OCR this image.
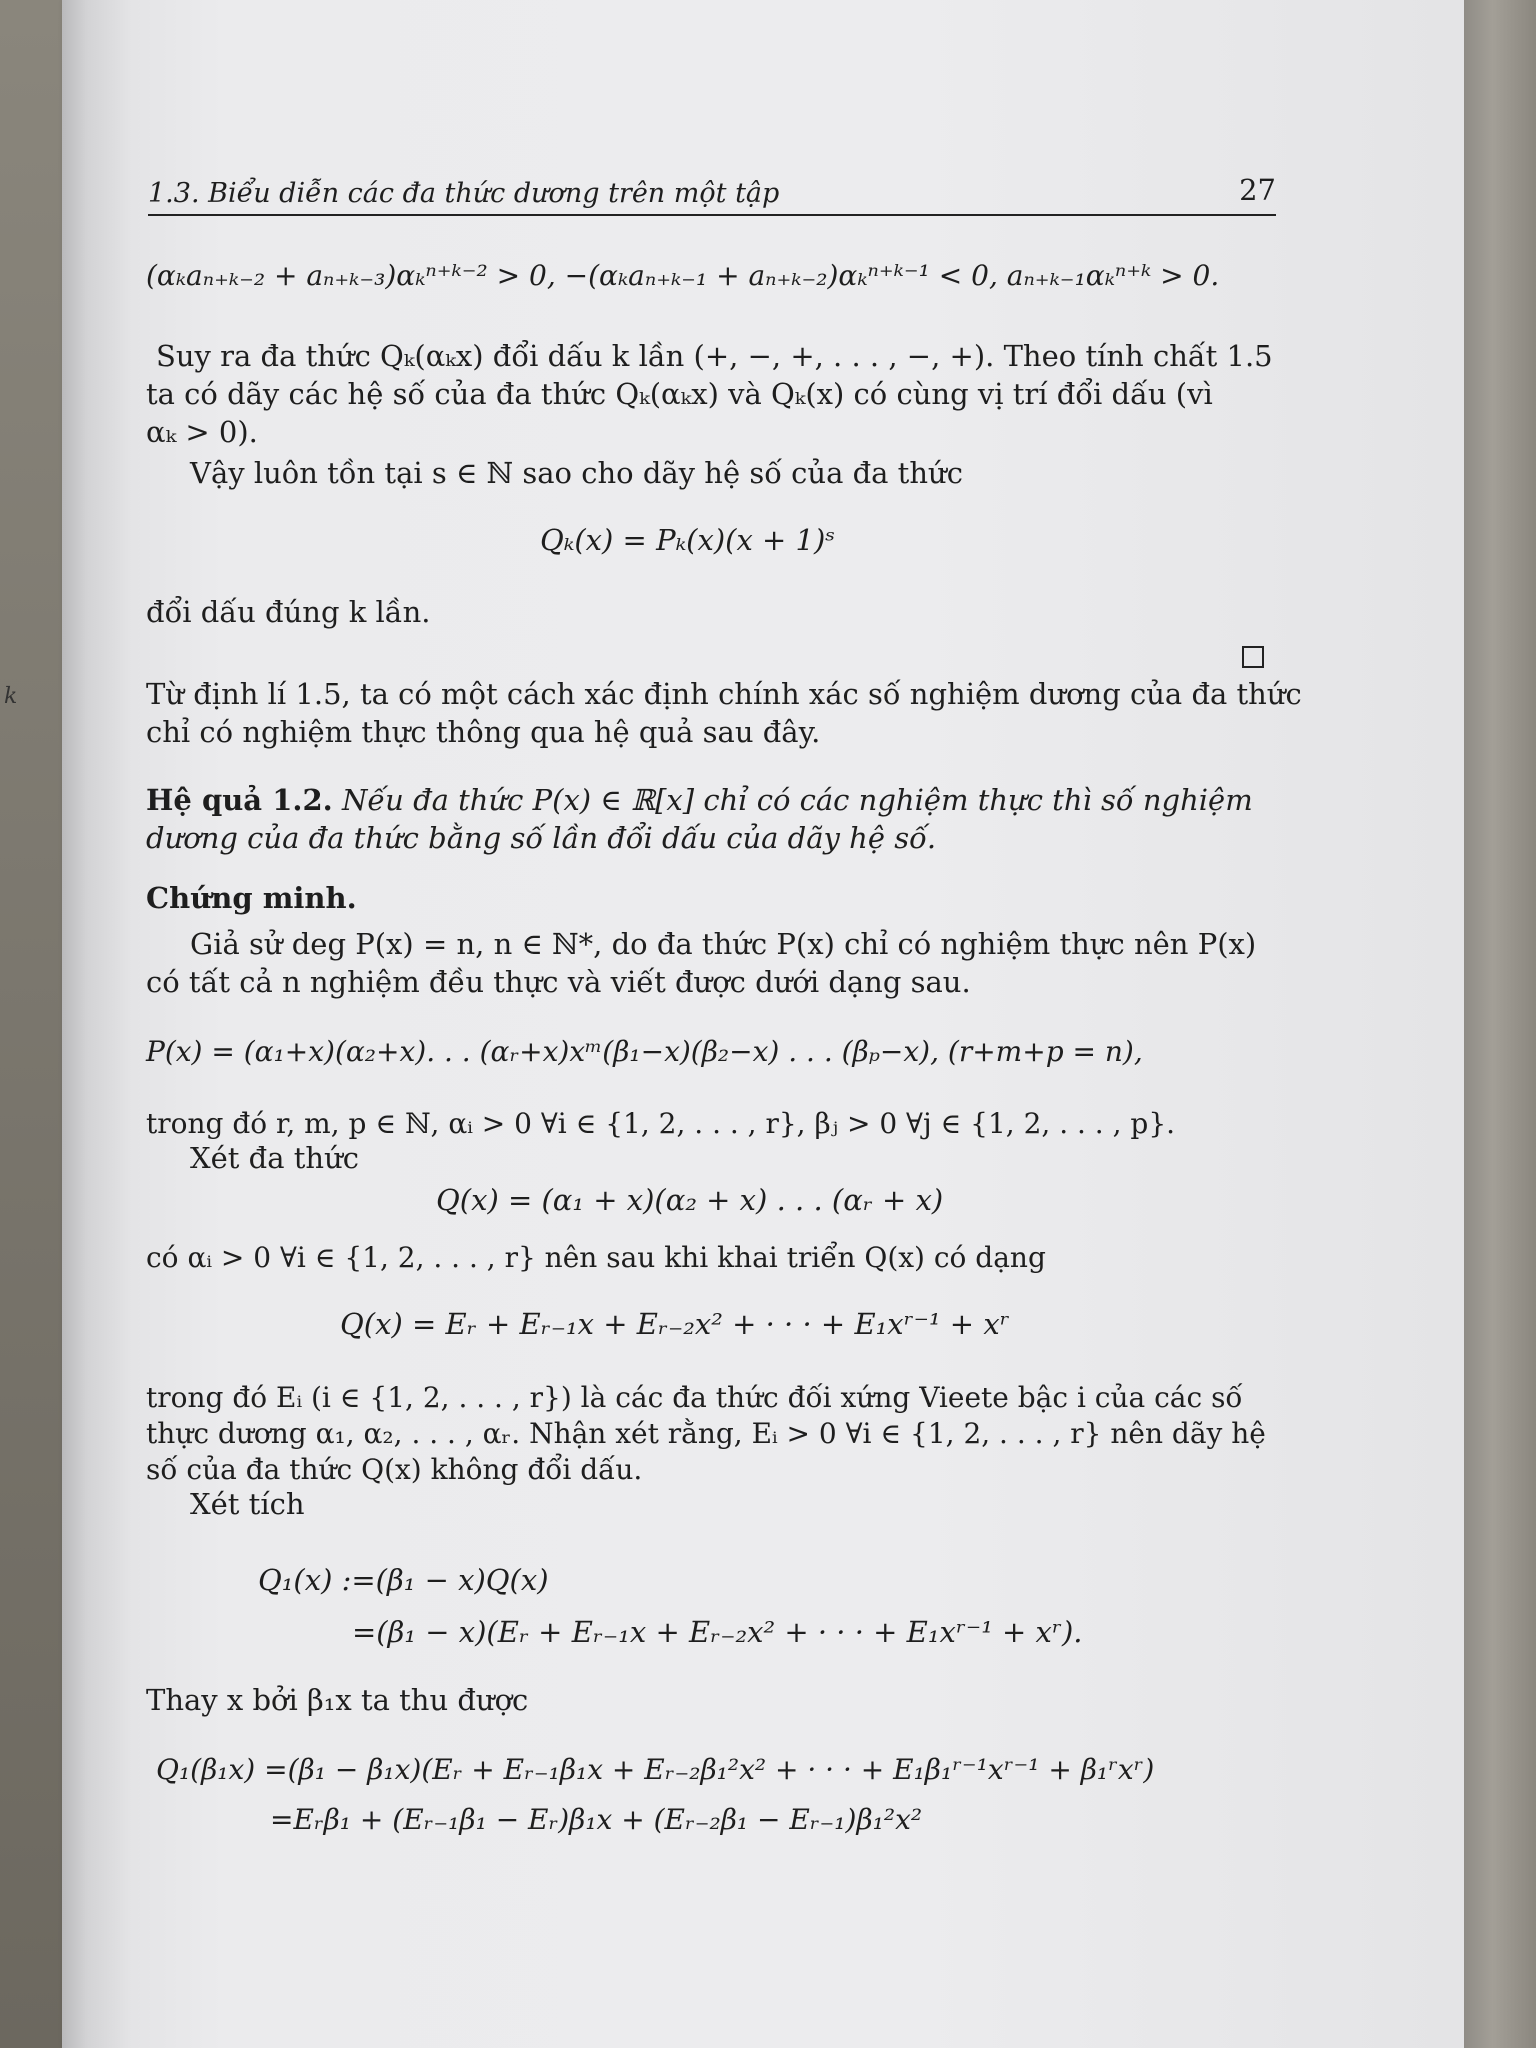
k
1.3. Biểu diễn các đa thức dương trên một tập	27
(αₖaₙ₊ₖ₋₂ + aₙ₊ₖ₋₃)αₖⁿ⁺ᵏ⁻² > 0, −(αₖaₙ₊ₖ₋₁ + aₙ₊ₖ₋₂)αₖⁿ⁺ᵏ⁻¹ < 0, aₙ₊ₖ₋₁αₖⁿ⁺ᵏ > 0.
Suy ra đa thức Qₖ(αₖx) đổi dấu k lần (+, −, +, . . . , −, +). Theo tính chất 1.5
ta có dãy các hệ số của đa thức Qₖ(αₖx) và Qₖ(x) có cùng vị trí đổi dấu (vì
αₖ > 0).
Vậy luôn tồn tại s ∈ ℕ sao cho dãy hệ số của đa thức
Qₖ(x) = Pₖ(x)(x + 1)ˢ
đổi dấu đúng k lần.
Từ định lí 1.5, ta có một cách xác định chính xác số nghiệm dương của đa thức
chỉ có nghiệm thực thông qua hệ quả sau đây.
Hệ quả 1.2. Nếu đa thức P(x) ∈ ℝ[x] chỉ có các nghiệm thực thì số nghiệm
dương của đa thức bằng số lần đổi dấu của dãy hệ số.
Chứng minh.
Giả sử deg P(x) = n, n ∈ ℕ*, do đa thức P(x) chỉ có nghiệm thực nên P(x)
có tất cả n nghiệm đều thực và viết được dưới dạng sau.
P(x) = (α₁+x)(α₂+x). . . (αᵣ+x)xᵐ(β₁−x)(β₂−x) . . . (βₚ−x), (r+m+p = n),
trong đó r, m, p ∈ ℕ, αᵢ > 0 ∀i ∈ {1, 2, . . . , r}, βⱼ > 0 ∀j ∈ {1, 2, . . . , p}.
Xét đa thức
Q(x) = (α₁ + x)(α₂ + x) . . . (αᵣ + x)
có αᵢ > 0 ∀i ∈ {1, 2, . . . , r} nên sau khi khai triển Q(x) có dạng
Q(x) = Eᵣ + Eᵣ₋₁x + Eᵣ₋₂x² + · · · + E₁xʳ⁻¹ + xʳ
trong đó Eᵢ (i ∈ {1, 2, . . . , r}) là các đa thức đối xứng Vieete bậc i của các số
thực dương α₁, α₂, . . . , αᵣ. Nhận xét rằng, Eᵢ > 0 ∀i ∈ {1, 2, . . . , r} nên dãy hệ
số của đa thức Q(x) không đổi dấu.
Xét tích
Q₁(x) :=(β₁ − x)Q(x)
=(β₁ − x)(Eᵣ + Eᵣ₋₁x + Eᵣ₋₂x² + · · · + E₁xʳ⁻¹ + xʳ).
Thay x bởi β₁x ta thu được
Q₁(β₁x) =(β₁ − β₁x)(Eᵣ + Eᵣ₋₁β₁x + Eᵣ₋₂β₁²x² + · · · + E₁β₁ʳ⁻¹xʳ⁻¹ + β₁ʳxʳ)
=Eᵣβ₁ + (Eᵣ₋₁β₁ − Eᵣ)β₁x + (Eᵣ₋₂β₁ − Eᵣ₋₁)β₁²x²
